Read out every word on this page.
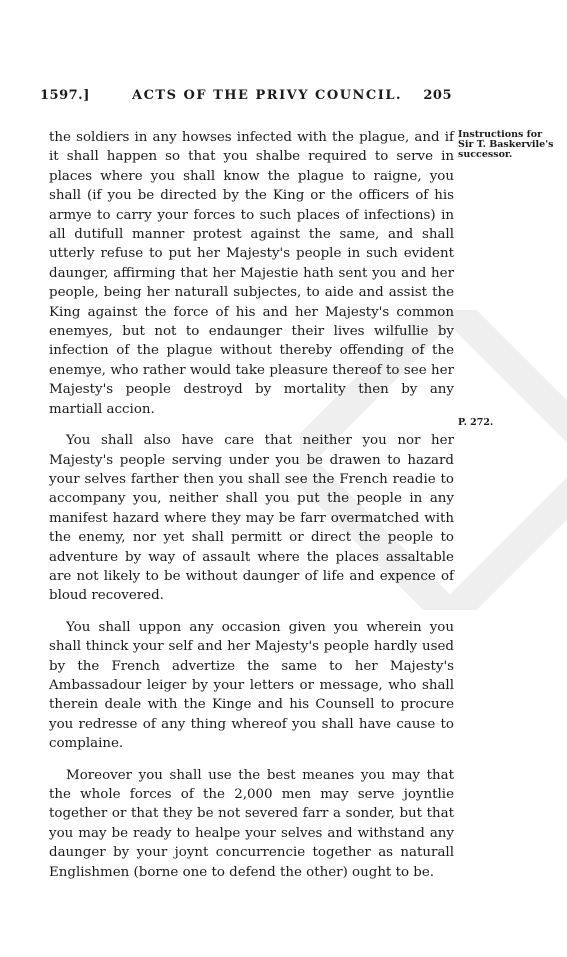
1597.]	ACTS OF THE PRIVY COUNCIL. 205

the soldiers in any howses infected with the plague, and if it shall happen so that you shalbe required to serve in places where you shall know the plague to raigne, you shall (if you be directed by the King or the officers of his armye to carry your forces to such places of infections) in all dutifull manner protest against the same, and shall utterly refuse to put her Majesty's people in such evident daunger, affirming that her Majestie hath sent you and her people, being her naturall subjectes, to aide and assist the King against the force of his and her Majesty's common enemyes, but not to endaunger their lives wilfullie by infection of the plague without thereby offending of the enemye, who rather would take pleasure thereof to see her Majesty's people destroyd by mortality then by any martiall accion.

You shall also have care that neither you nor her Majesty's people serving under you be drawen to hazard your selves farther then you shall see the French readie to accompany you, neither shall you put the people in any manifest hazard where they may be farr overmatched with the enemy, nor yet shall permitt or direct the people to adventure by way of assault where the places assaltable are not likely to be without daunger of life and expence of bloud recovered.

You shall uppon any occasion given you wherein you shall thinck your self and her Majesty's people hardly used by the French advertize the same to her Majesty's Ambassadour leiger by your letters or message, who shall therein deale with the Kinge and his Counsell to procure you redresse of any thing whereof you shall have cause to complaine.

Moreover you shall use the best meanes you may that the whole forces of the 2,000 men may serve joyntlie together or that they be not severed farr a sonder, but that you may be ready to healpe your selves and withstand any daunger by your joynt concurrencie together as naturall Englishmen (borne one to defend the other) ought to be.

Instructions for Sir T. Baskervile's successor.
P. 272.
